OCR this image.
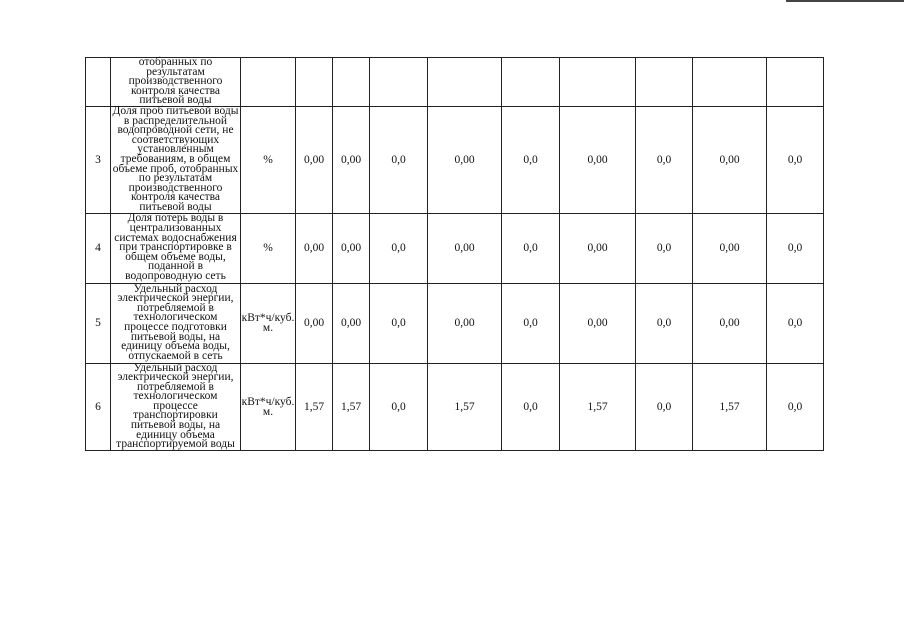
	отобранных по результатам производственного контроля качества питьевой воды										
3	Доля проб питьевой воды в распределительной водопроводной сети, не соответствующих установленным требованиям, в общем объеме проб, отобранных по результатам производственного контроля качества питьевой воды	%	0,00	0,00	0,0	0,00	0,0	0,00	0,0	0,00	0,0
4	Доля потерь воды в централизованных системах водоснабжения при транспортировке в общем объеме воды, поданной в водопроводную сеть	%	0,00	0,00	0,0	0,00	0,0	0,00	0,0	0,00	0,0
5	Удельный расход электрической энергии, потребляемой в технологическом процессе подготовки питьевой воды, на единицу объема воды, отпускаемой в сеть	кВт*ч/куб. м.	0,00	0,00	0,0	0,00	0,0	0,00	0,0	0,00	0,0
6	Удельный расход электрической энергии, потребляемой в технологическом процессе транспортировки питьевой воды, на единицу объема транспортируемой воды	кВт*ч/куб. м.	1,57	1,57	0,0	1,57	0,0	1,57	0,0	1,57	0,0
